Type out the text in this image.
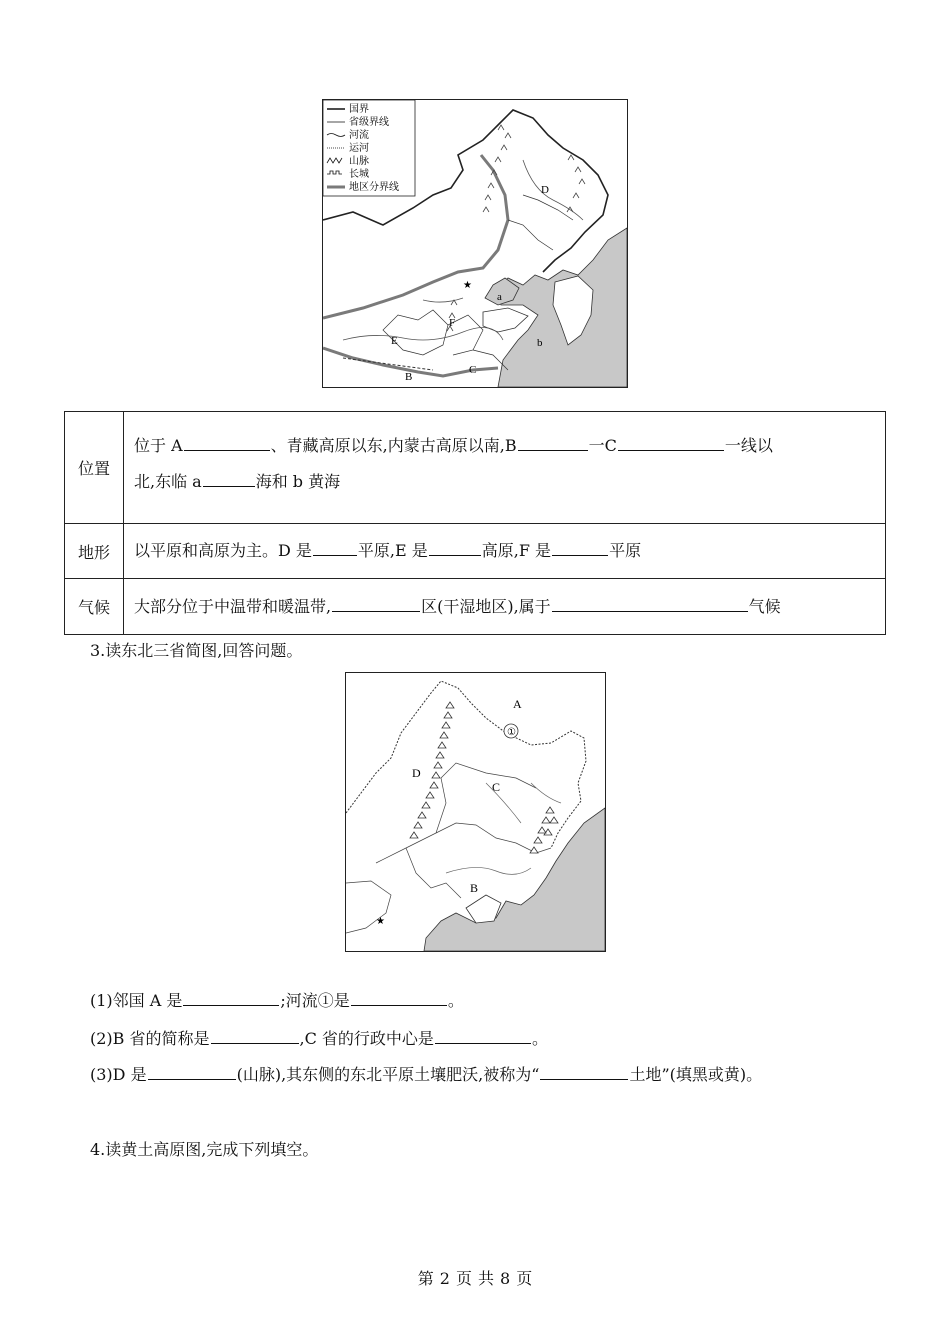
★
国界
省级界线
河流
运河
山脉
长城
地区分界线	D
a
b
E
F
C
B
位置	位于 A 、青藏高原以东,内蒙古高原以南,B 一C 一线以
北,东临 a 海和 b 黄海

地形	以平原和高原为主。D 是 平原,E 是 高原,F 是 平原
气候	大部分位于中温带和暖温带, 区(干湿地区),属于 气候
3.读东北三省简图,回答问题。
★
A
①
D
C
B
(1)邻国 A 是	;河流①是	。
(2)B 省的简称是	,C 省的行政中心是	。
(3)D 是	(山脉),其东侧的东北平原土壤肥沃,被称为“	土地”(填黑或黄)。
4.读黄土高原图,完成下列填空。
第 2 页 共 8 页
